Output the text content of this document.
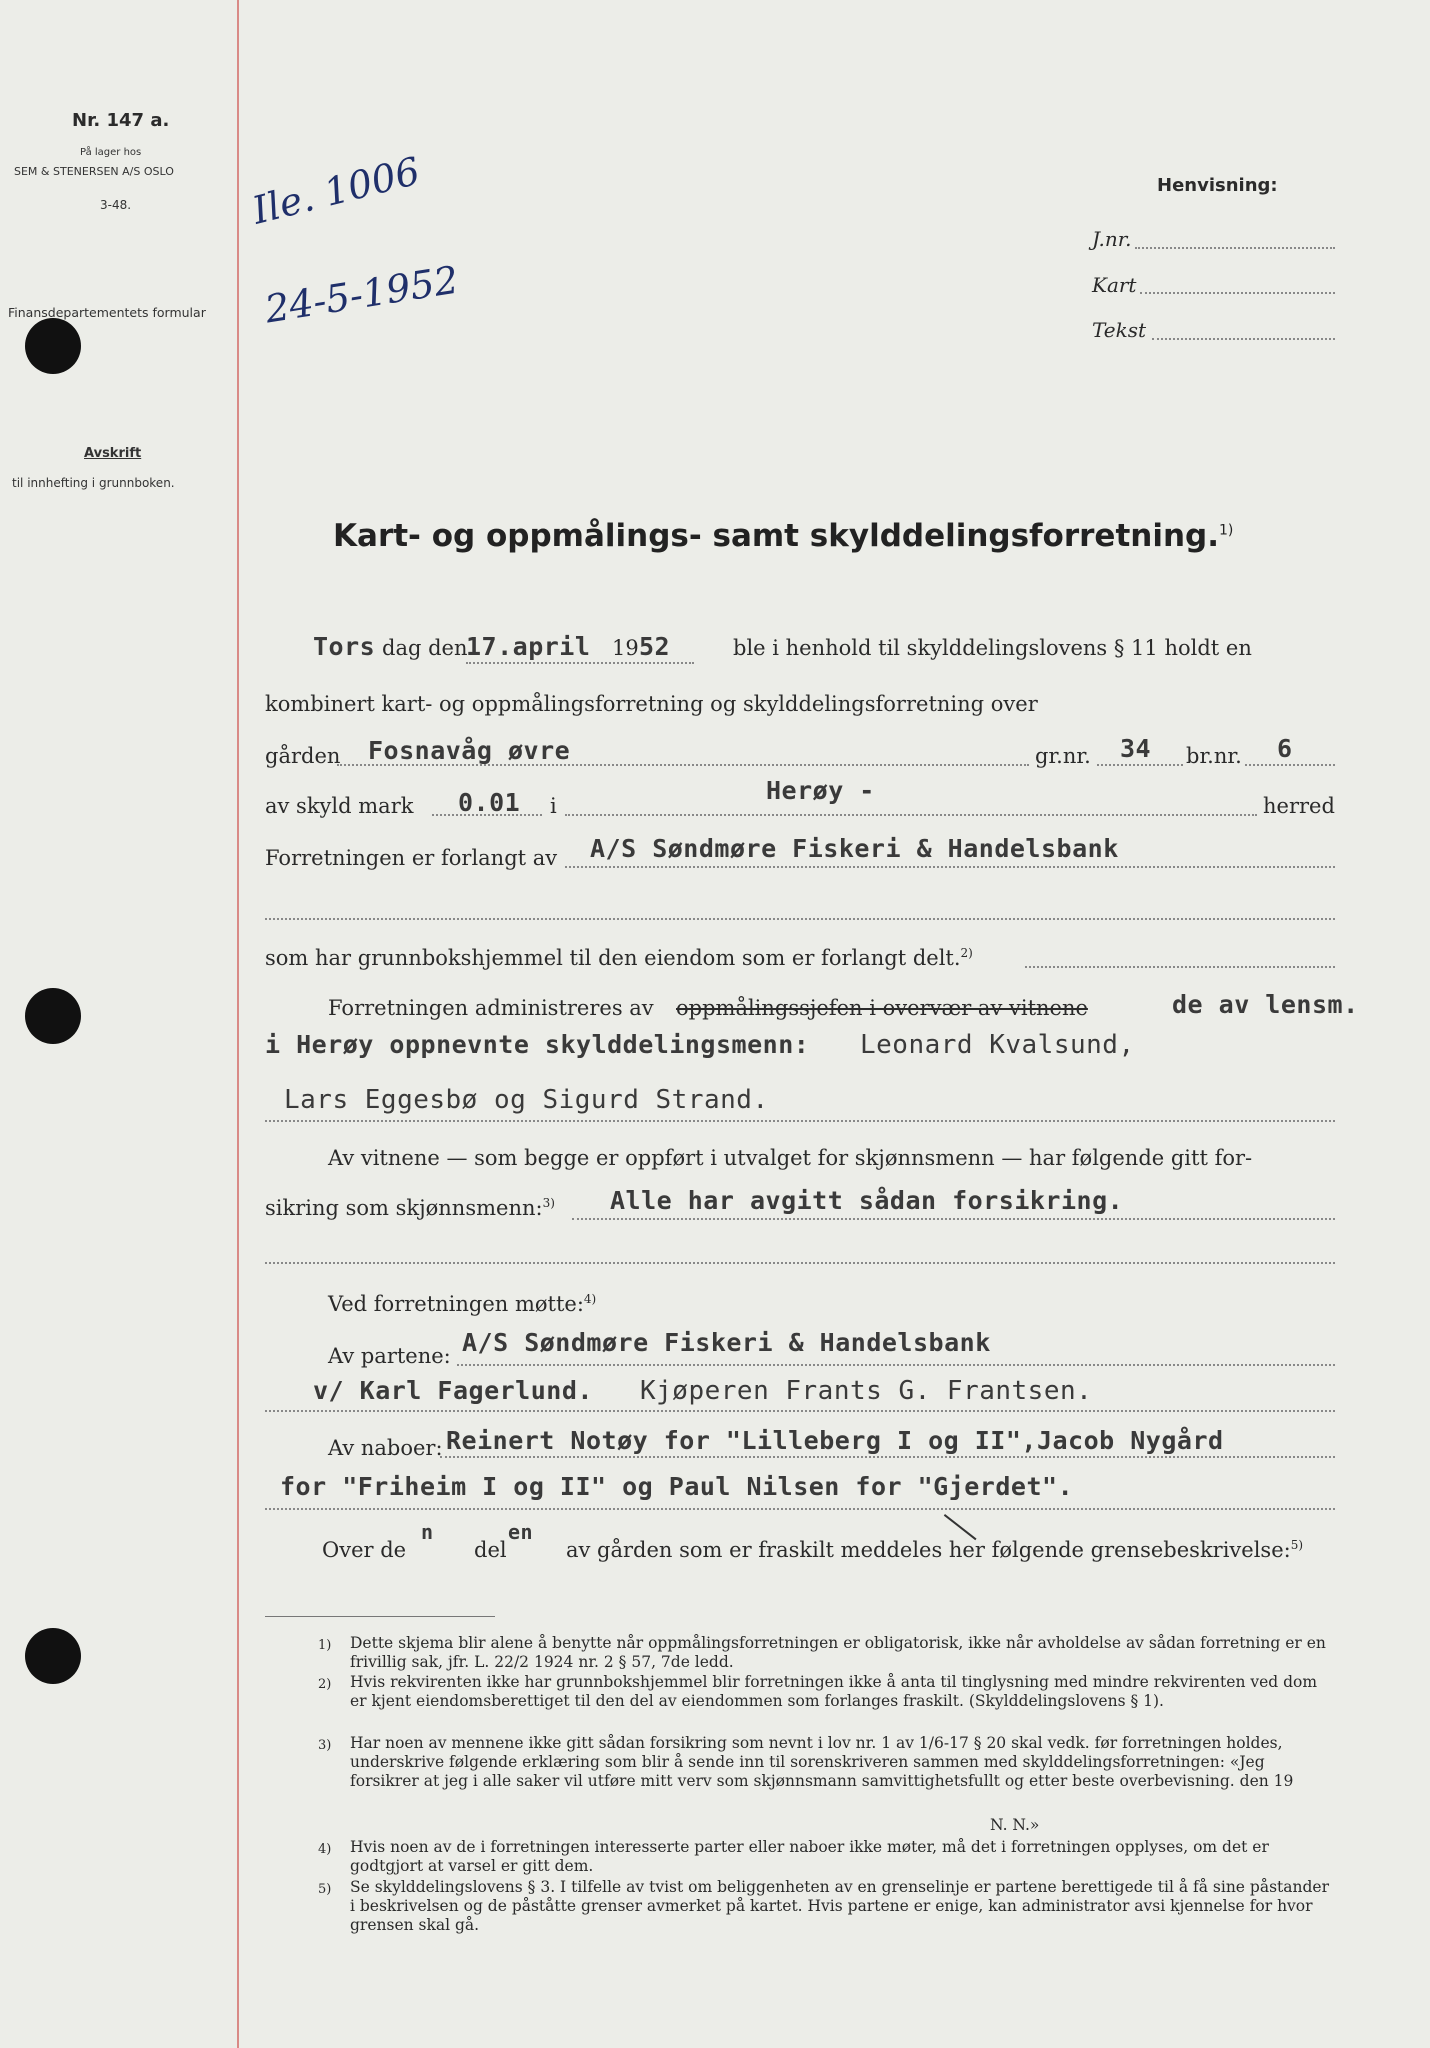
Nr. 147 a.
På lager hos
SEM & STENERSEN A/S OSLO
3-48.
Finansdepartementets formular
Avskrift
til innhefting i grunnboken.
Ile. 1006
24-5-1952
Henvisning:
J.nr.
Kart
Tekst
Kart- og oppmålings- samt skylddelingsforretning.$^{1)}$
Tors dag den
17.april 19 52	ble i henhold til skylddelingslovens § 11 holdt en
kombinert kart- og oppmålingsforretning og skylddelingsforretning over
gården Fosnavåg øvre	gr.nr. 34 br.nr. 6
av skyld mark 0.01 i
Herøy -
herred
Forretningen er forlangt av A/S Søndmøre Fiskeri & Handelsbank
som har grunnbokshjemmel til den eiendom som er forlangt delt.$^{2)}$
Forretningen administreres av oppmålingssjefen i overvær av vitnene	de av lensm.
i Herøy oppnevnte skylddelingsmenn: Leonard Kvalsund,
Lars Eggesbø og Sigurd Strand.
Av vitnene — som begge er oppført i utvalget for skjønnsmenn — har følgende gitt for-
sikring som skjønnsmenn:$^{3)}$ Alle har avgitt sådan forsikring.
Ved forretningen møtte:$^{4)}$
Av partene: A/S Søndmøre Fiskeri & Handelsbank
v/ Karl Fagerlund. Kjøperen Frants G. Frantsen.
Av naboer: Reinert Notøy for "Lilleberg I og II",Jacob Nygård
for "Friheim I og II" og Paul Nilsen for "Gjerdet".
Over de
n
del
en
av gården som er fraskilt meddeles her følgende grensebeskrivelse:$^{5)}$
1) Dette skjema blir alene å benytte når oppmålingsforretningen er obligatorisk, ikke når avholdelse av sådan forretning er en frivillig sak, jfr. L. 22/2 1924 nr. 2 § 57, 7de ledd.
2) Hvis rekvirenten ikke har grunnbokshjemmel blir forretningen ikke å anta til tinglysning med mindre rekvirenten ved dom er kjent eiendomsberettiget til den del av eiendommen som forlanges fraskilt. (Skylddelingslovens § 1).
3) Har noen av mennene ikke gitt sådan forsikring som nevnt i lov nr. 1 av 1/6-17 § 20 skal vedk. før forretningen holdes, underskrive følgende erklæring som blir å sende inn til sorenskriveren sammen med skylddelingsforretningen: «Jeg forsikrer at jeg i alle saker vil utføre mitt verv som skjønnsmann samvittighetsfullt og etter beste overbevisning. den 19
N. N.»
4) Hvis noen av de i forretningen interesserte parter eller naboer ikke møter, må det i forretningen opplyses, om det er godtgjort at varsel er gitt dem.
5) Se skylddelingslovens § 3. I tilfelle av tvist om beliggenheten av en grenselinje er partene berettigede til å få sine påstander i beskrivelsen og de påståtte grenser avmerket på kartet. Hvis partene er enige, kan administrator avsi kjennelse for hvor grensen skal gå.
